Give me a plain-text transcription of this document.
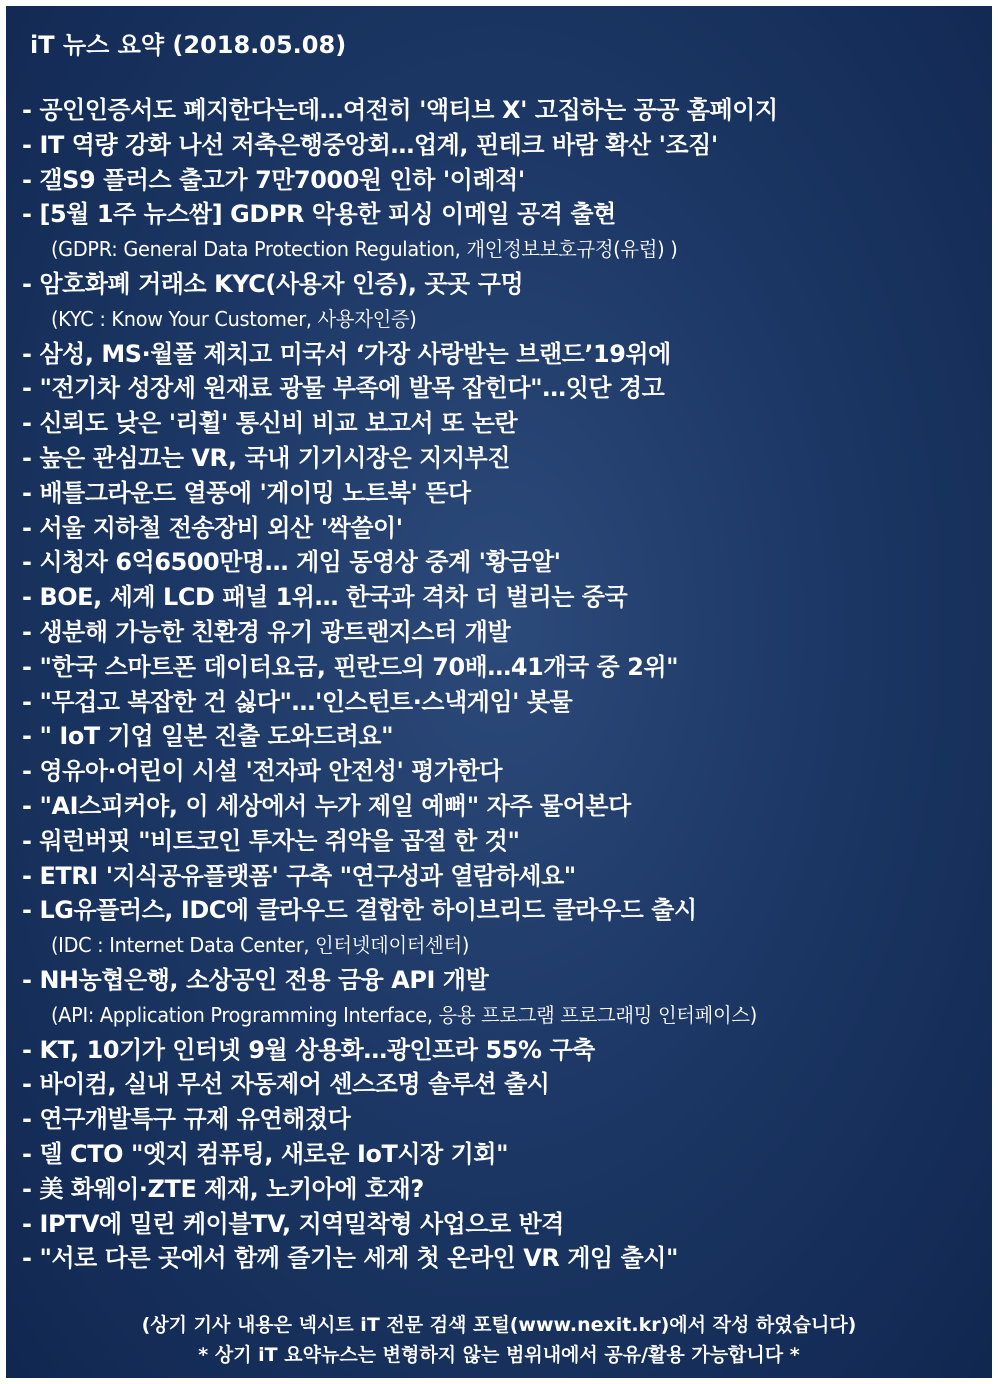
iT 뉴스 요약 (2018.05.08)
- 공인인증서도 폐지한다는데…여전히 '액티브 X' 고집하는 공공 홈페이지
- IT 역량 강화 나선 저축은행중앙회…업계, 핀테크 바람 확산 '조짐'
- 갤S9 플러스 출고가 7만7000원 인하 '이례적'
- [5월 1주 뉴스쌈] GDPR 악용한 피싱 이메일 공격 출현
(GDPR: General Data Protection Regulation, 개인정보보호규정(유럽) )
- 암호화폐 거래소 KYC(사용자 인증), 곳곳 구멍
(KYC : Know Your Customer, 사용자인증)
- 삼성, MS·월풀 제치고 미국서 ‘가장 사랑받는 브랜드’19위에
- "전기차 성장세 원재료 광물 부족에 발목 잡힌다"…잇단 경고
- 신뢰도 낮은 '리휠' 통신비 비교 보고서 또 논란
- 높은 관심끄는 VR, 국내 기기시장은 지지부진
- 배틀그라운드 열풍에 '게이밍 노트북' 뜬다
- 서울 지하철 전송장비 외산 '싹쓸이'
- 시청자 6억6500만명… 게임 동영상 중계 '황금알'
- BOE, 세계 LCD 패널 1위… 한국과 격차 더 벌리는 중국
- 생분해 가능한 친환경 유기 광트랜지스터 개발
- "한국 스마트폰 데이터요금, 핀란드의 70배…41개국 중 2위"
- "무겁고 복잡한 건 싫다"…'인스턴트·스낵게임' 봇물
- " IoT 기업 일본 진출 도와드려요"
- 영유아·어린이 시설 '전자파 안전성' 평가한다
- "AI스피커야, 이 세상에서 누가 제일 예뻐" 자주 물어본다
- 워런버핏 "비트코인 투자는 쥐약을 곱절 한 것"
- ETRI '지식공유플랫폼' 구축 "연구성과 열람하세요"
- LG유플러스, IDC에 클라우드 결합한 하이브리드 클라우드 출시
(IDC : Internet Data Center, 인터넷데이터센터)
- NH농협은행, 소상공인 전용 금융 API 개발
(API: Application Programming Interface, 응용 프로그램 프로그래밍 인터페이스)
- KT, 10기가 인터넷 9월 상용화…광인프라 55% 구축
- 바이컴, 실내 무선 자동제어 센스조명 솔루션 출시
- 연구개발특구 규제 유연해졌다
- 델 CTO "엣지 컴퓨팅, 새로운 IoT시장 기회"
- 美 화웨이·ZTE 제재, 노키아에 호재?
- IPTV에 밀린 케이블TV, 지역밀착형 사업으로 반격
- "서로 다른 곳에서 함께 즐기는 세계 첫 온라인 VR 게임 출시"
(상기 기사 내용은 넥시트 iT 전문 검색 포털(www.nexit.kr)에서 작성 하였습니다)
* 상기 iT 요약뉴스는 변형하지 않는 범위내에서 공유/활용 가능합니다 *
